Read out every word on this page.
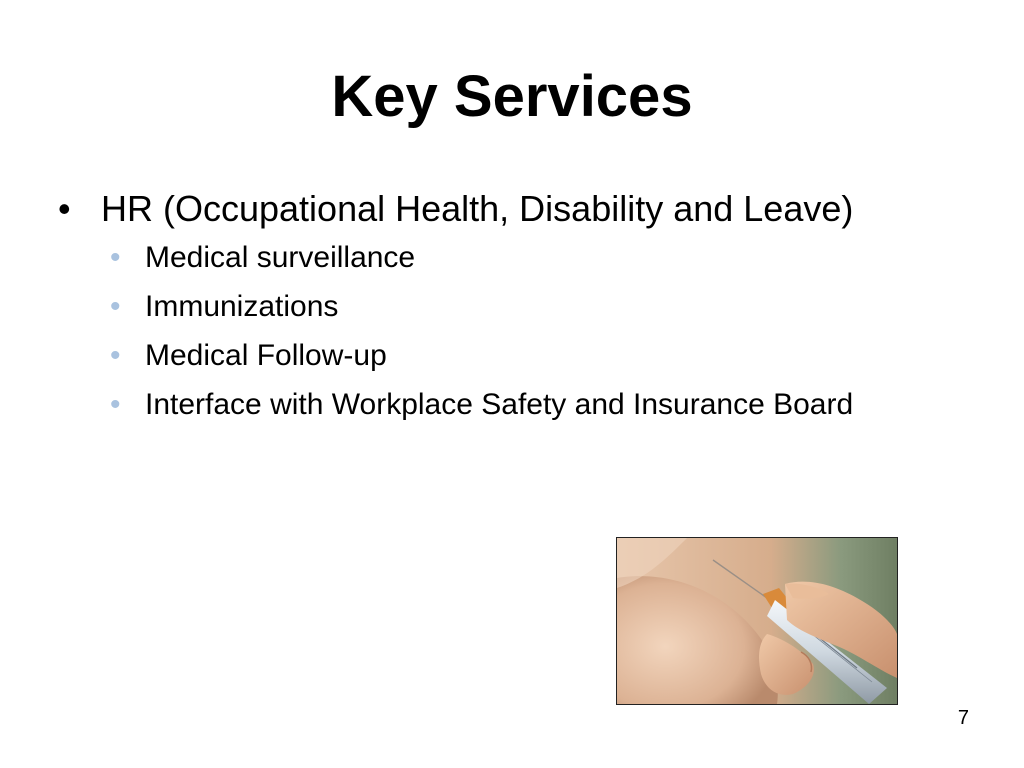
Key Services
• HR (Occupational Health, Disability and Leave)
• Medical surveillance
• Immunizations
• Medical Follow-up
• Interface with Workplace Safety and Insurance Board
7
